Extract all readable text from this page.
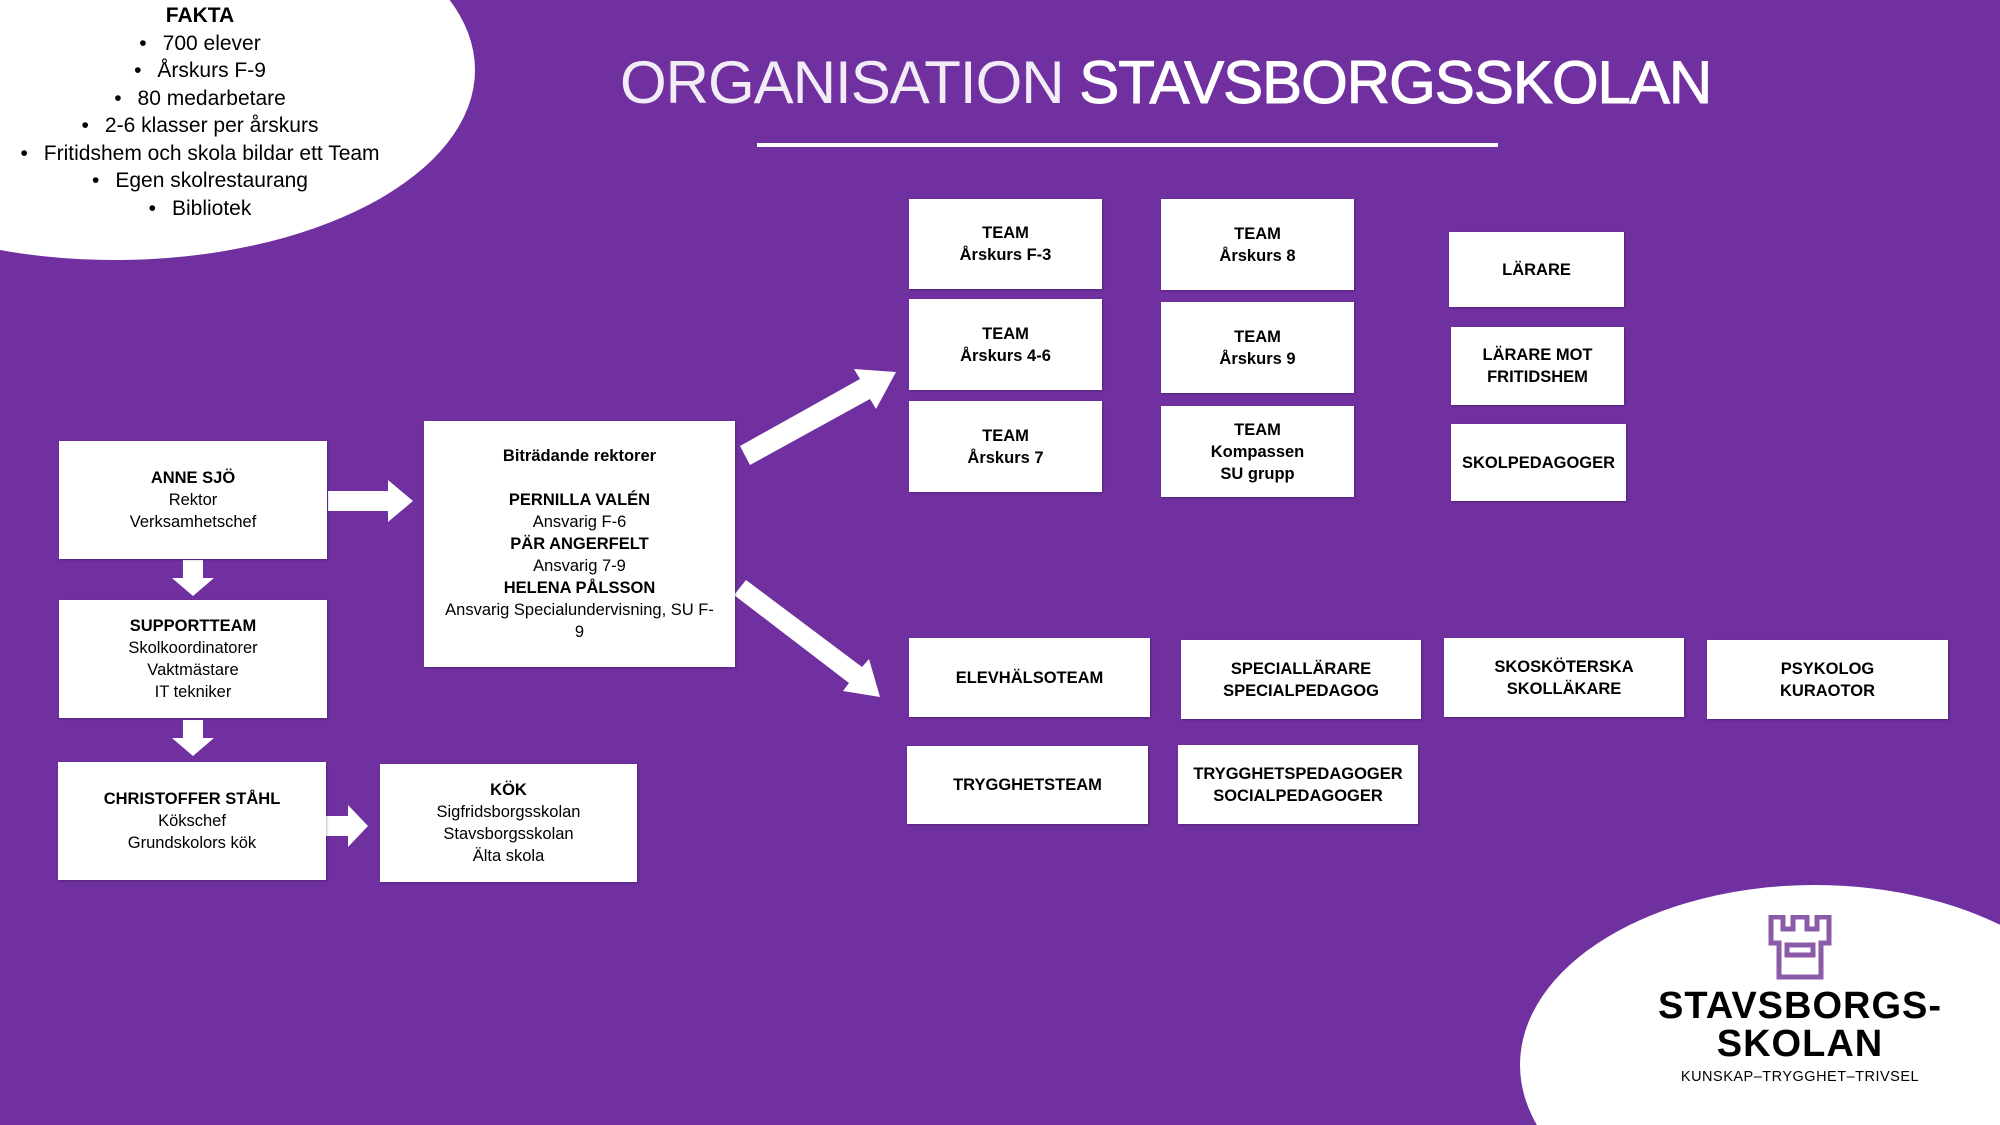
FAKTA
• 700 elever
• Årskurs F-9
• 80 medarbetare
• 2-6 klasser per årskurs
• Fritidshem och skola bildar ett Team
• Egen skolrestaurang
• Bibliotek
ORGANISATION STAVSBORGSSKOLAN
ANNE SJÖ
Rektor
Verksamhetschef
SUPPORTTEAM
Skolkoordinatorer
Vaktmästare
IT tekniker
CHRISTOFFER STÅHL
Kökschef
Grundskolors kök
KÖK
Sigfridsborgsskolan
Stavsborgsskolan
Älta skola
Biträdande rektorer
PERNILLA VALÉN
Ansvarig F-6
PÄR ANGERFELT
Ansvarig 7-9
HELENA PÅLSSON
Ansvarig Specialundervisning, SU F-9
TEAM
Årskurs F-3
TEAM
Årskurs 4-6
TEAM
Årskurs 7
TEAM
Årskurs 8
TEAM
Årskurs 9
TEAM
Kompassen
SU grupp
LÄRARE
LÄRARE MOT FRITIDSHEM
SKOLPEDAGOGER
ELEVHÄLSOTEAM	SPECIALLÄRARE
SPECIALPEDAGOG
SKOSKÖTERSKA
SKOLLÄKARE
PSYKOLOG
KURAOTOR
TRYGGHETSTEAM
TRYGGHETSPEDAGOGER
SOCIALPEDAGOGER
STAVSBORGS-
SKOLAN
KUNSKAP–TRYGGHET–TRIVSEL
